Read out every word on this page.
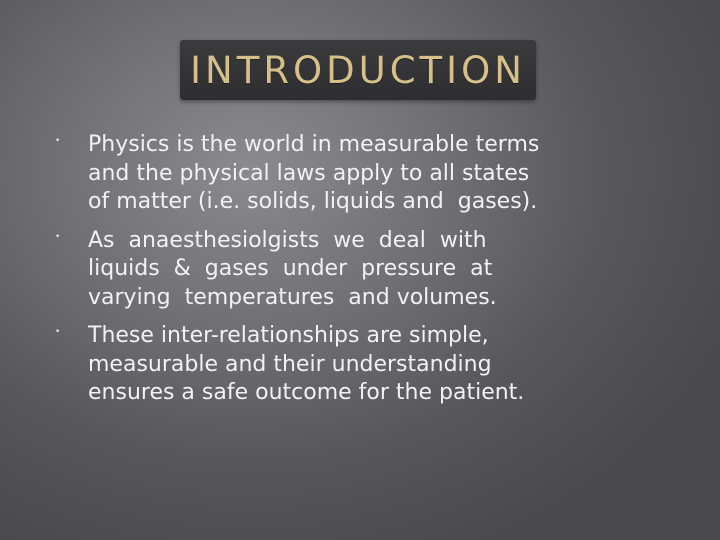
INTRODUCTION
• Physics is the world in measurable terms
and the physical laws apply to all states
of matter (i.e. solids, liquids and  gases).
• As  anaesthesiolgists  we  deal  with
liquids  &  gases  under  pressure  at
varying  temperatures  and volumes.
• These inter-relationships are simple,
measurable and their understanding
ensures a safe outcome for the patient.
